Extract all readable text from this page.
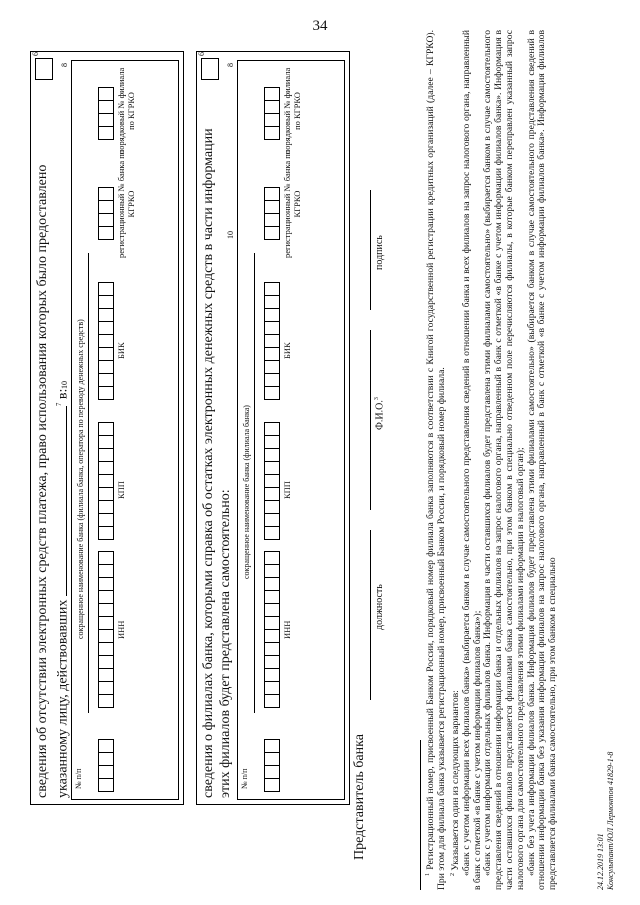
34
сведения об отсутствии электронных средств платежа, право использования которых было предоставлено указанному лицу, действовавших $^7$ в:
6
№ п/п
10
8
сокращенное наименование банка (филиала банка, оператора по переводу денежных средств)	ИНН
КПП
БИК
регистрационный № банка по КГРКО
порядковый № филиала по КГРКО
сведения о филиалах банка, которыми справка об остатках электронных денежных средств в части информации этих филиалов будет представлена самостоятельно:
6
№ п/п
10
8
сокращенное наименование банка (филиала банка)
ИНН
КПП
БИК
регистрационный № банка по КГРКО
порядковый № филиала по КГРКО
Представитель банка
должность
Ф.И.О.$^3$
подпись

$^1$ Регистрационный номер, присвоенный Банком России, порядковый номер филиала банка заполняются в соответствии с Книгой государственной регистрации кредитных организаций (далее – КГРКО). При этом для филиала банка указывается регистрационный номер, присвоенный Банком России, и порядковый номер филиала. $^2$ Указывается один из следующих вариантов: «банк с учетом информации всех филиалов банка» (выбирается банком в случае самостоятельного представления сведений в отношении банка и всех филиалов на запрос налогового органа, направленный в банк с отметкой «в банке с учетом информации филиалов банка»); «банк с учетом информации отдельных филиалов банка. Информация в части оставшихся филиалов будет представлена этими филиалами самостоятельно» (выбирается банком в случае самостоятельного представления сведений в отношении информации банка и отдельных филиалов на запрос налогового органа, направленный в банк с отметкой «в банке с учетом информации филиалов банка». Информация в части оставшихся филиалов представляется филиалами банка самостоятельно, при этом банком в специально отведенном поле перечисляются филиалы, в которые банком переправлен указанный запрос налогового органа для самостоятельного представления этими филиалами информации в налоговый орган); «банк без учета информации филиалов банка. Информация филиалов будет представлена этими филиалами самостоятельно» (выбирается банком в случае самостоятельного представления сведений в отношении информации банка без указания информации филиалов на запрос налогового органа, направленный в банк с отметкой «в банке с учетом информации филиалов банка». Информация филиалов представляется филиалами банка самостоятельно, при этом банком в специально	24.12.2019 13:01 Консультант/ЮЛ Лермонтов 41829-1-8
